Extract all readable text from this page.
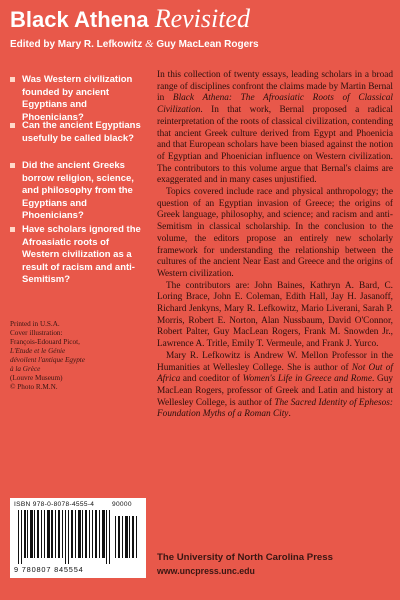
Black Athena Revisited
Edited by Mary R. Lefkowitz & Guy MacLean Rogers
Was Western civilization founded by ancient Egyptians and Phoenicians?
Can the ancient Egyptians usefully be called black?
Did the ancient Greeks borrow religion, science, and philosophy from the Egyptians and Phoenicians?
Have scholars ignored the Afroasiatic roots of Western civilization as a result of racism and anti-Semitism?
Printed in U.S.A.
Cover illustration:
François-Edouard Picot,
L'Etude et le Génie
dévoilent l'antique Egypte
à la Grèce
(Louvre Museum)
© Photo R.M.N.

In this collection of twenty essays, leading scholars in a broad range of disciplines confront the claims made by Martin Bernal in Black Athena: The Afroasiatic Roots of Classical Civilization. In that work, Bernal proposed a radical reinterpretation of the roots of classical civilization, contending that ancient Greek culture derived from Egypt and Phoenicia and that European scholars have been biased against the notion of Egyptian and Phoenician influence on Western civilization. The contributors to this volume argue that Bernal's claims are exaggerated and in many cases unjustified.

Topics covered include race and physical anthropology; the question of an Egyptian invasion of Greece; the origins of Greek language, philosophy, and science; and racism and anti-Semitism in classical scholarship. In the conclusion to the volume, the editors propose an entirely new scholarly framework for understanding the relationship between the cultures of the ancient Near East and Greece and the origins of Western civilization.

The contributors are: John Baines, Kathryn A. Bard, C. Loring Brace, John E. Coleman, Edith Hall, Jay H. Jasanoff, Richard Jenkyns, Mary R. Lefkowitz, Mario Liverani, Sarah P. Morris, Robert E. Norton, Alan Nussbaum, David O'Connor, Robert Palter, Guy MacLean Rogers, Frank M. Snowden Jr., Lawrence A. Tritle, Emily T. Vermeule, and Frank J. Yurco.

Mary R. Lefkowitz is Andrew W. Mellon Professor in the Humanities at Wellesley College. She is author of Not Out of Africa and coeditor of Women's Life in Greece and Rome. Guy MacLean Rogers, professor of Greek and Latin and history at Wellesley College, is author of The Sacred Identity of Ephesos: Foundation Myths of a Roman City.

ISBN 978-0-8078-4555-4	90000
9 780807 845554
The University of North Carolina Press
www.uncpress.unc.edu
